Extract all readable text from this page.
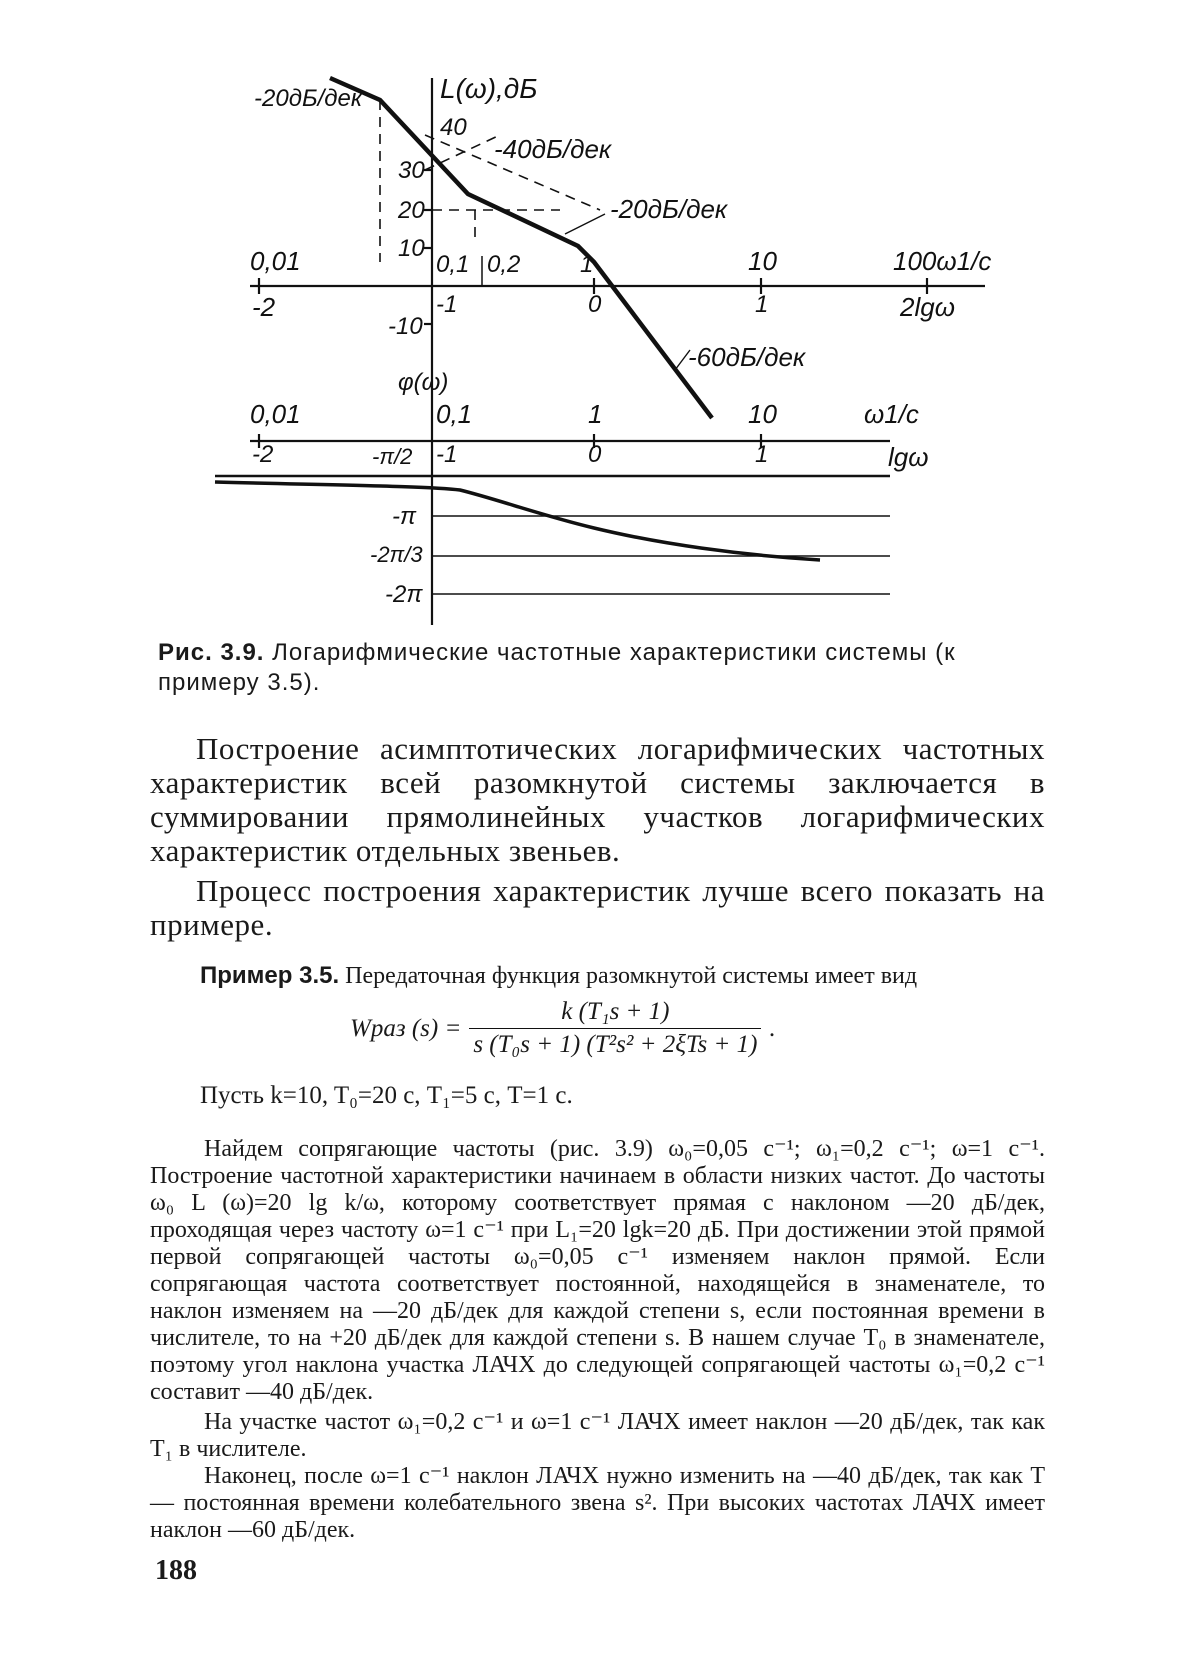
-20дБ/дек	L(ω),дБ
40
-40дБ/дек
30
20	-20дБ/дек
10
0,01	0,1 0,2 1	10	100ω1/с
-2	-1	0	1	2lgω
-10
-60дБ/дек
φ(ω)
0,01	0,1	1	10	ω1/с
-2	-π/2 -1	0	1	lgω
-π
-2π/3
-2π
Рис. 3.9. Логарифмические частотные характеристики системы (к примеру 3.5).

Построение асимптотических логарифмических частотных характеристик всей разомкнутой системы заключается в суммировании прямолинейных участков логарифмических характеристик отдельных звеньев.

Процесс построения характеристик лучше всего показать на примере.

Пример 3.5. Передаточная функция разомкнутой системы имеет вид

Wраз $(s) = \frac{\text{k (T₁s + 1)}}{\text{s (T₀s + 1) (T²s² + 2ξTs + 1)}}$ .

Пусть k=10, T₀=20 с, T₁=5 с, T=1 с.

Найдем сопрягающие частоты (рис. 3.9) ω₀=0,05 с⁻¹; ω₁=0,2 с⁻¹; ω=1 с⁻¹. Построение частотной характеристики начинаем в области низких частот. До частоты ω₀ L (ω)=20 lg k/ω, которому соответствует прямая с наклоном —20 дБ/дек, проходящая через частоту ω=1 с⁻¹ при L₁=20 lgk=20 дБ. При достижении этой прямой первой сопрягающей частоты ω₀=0,05 с⁻¹ изменяем наклон прямой. Если сопрягающая частота соответствует постоянной, находящейся в знаменателе, то наклон изменяем на —20 дБ/дек для каждой степени s, если постоянная времени в числителе, то на +20 дБ/дек для каждой степени s. В нашем случае T₀ в знаменателе, поэтому угол наклона участка ЛАЧХ до следующей сопрягающей частоты ω₁=0,2 с⁻¹ составит —40 дБ/дек.

На участке частот ω₁=0,2 с⁻¹ и ω=1 с⁻¹ ЛАЧХ имеет наклон —20 дБ/дек, так как T₁ в числителе.

Наконец, после ω=1 с⁻¹ наклон ЛАЧХ нужно изменить на —40 дБ/дек, так как T — постоянная времени колебательного звена s². При высоких частотах ЛАЧХ имеет наклон —60 дБ/дек.

188
